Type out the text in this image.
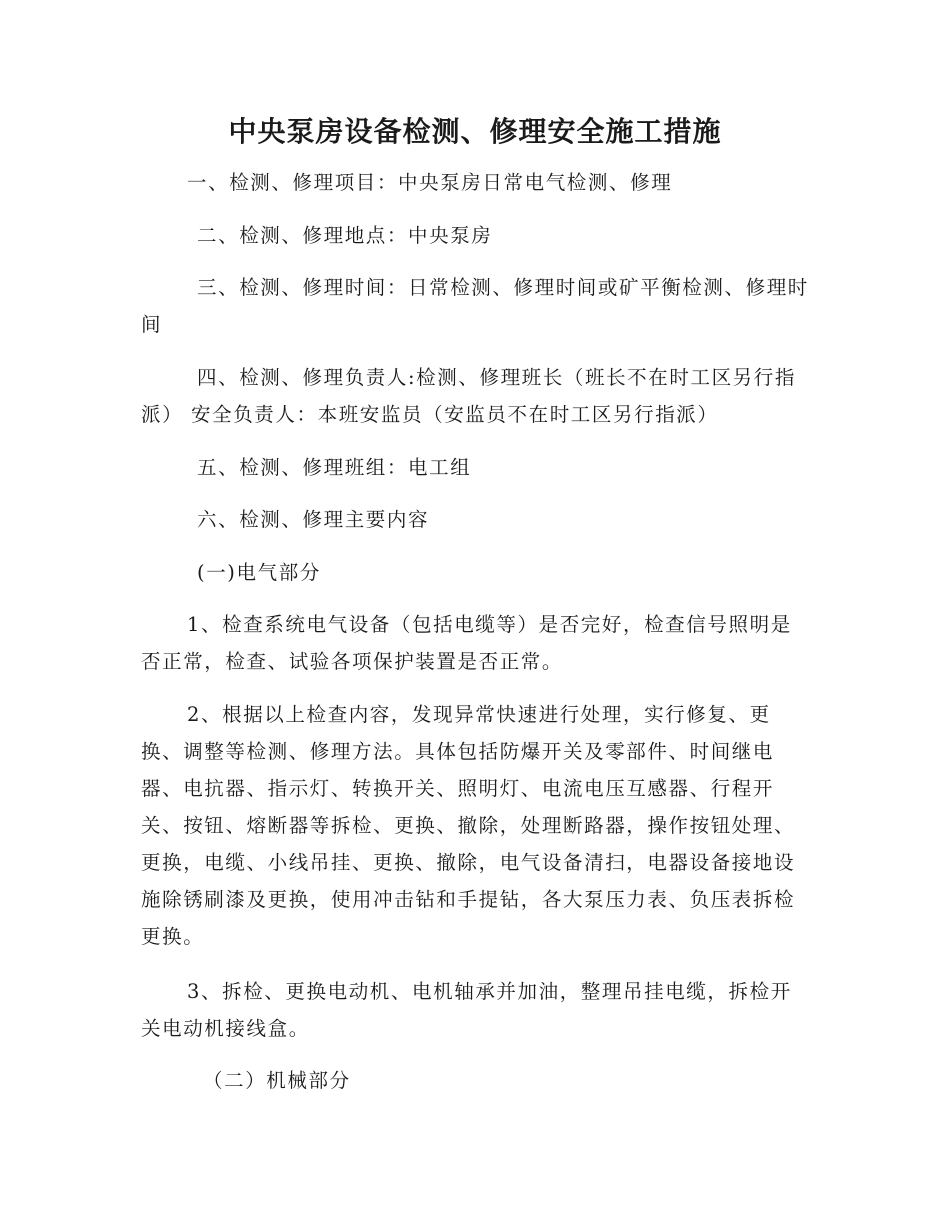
中央泵房设备检测、修理安全施工措施

一、检测、修理项目：中央泵房日常电气检测、修理

二、检测、修理地点：中央泵房

三、检测、修理时间：日常检测、修理时间或矿平衡检测、修理时间

四、检测、修理负责人:检测、修理班长（班长不在时工区另行指派） 安全负责人：本班安监员（安监员不在时工区另行指派）

五、检测、修理班组：电工组

六、检测、修理主要内容

(一)电气部分

1、检查系统电气设备（包括电缆等）是否完好，检查信号照明是否正常，检查、试验各项保护装置是否正常。

2、根据以上检查内容，发现异常快速进行处理，实行修复、更换、调整等检测、修理方法。具体包括防爆开关及零部件、时间继电器、电抗器、指示灯、转换开关、照明灯、电流电压互感器、行程开关、按钮、熔断器等拆检、更换、撤除，处理断路器，操作按钮处理、更换，电缆、小线吊挂、更换、撤除，电气设备清扫，电器设备接地设施除锈刷漆及更换，使用冲击钻和手提钻，各大泵压力表、负压表拆检更换。

3、拆检、更换电动机、电机轴承并加油，整理吊挂电缆，拆检开关电动机接线盒。

（二）机械部分
